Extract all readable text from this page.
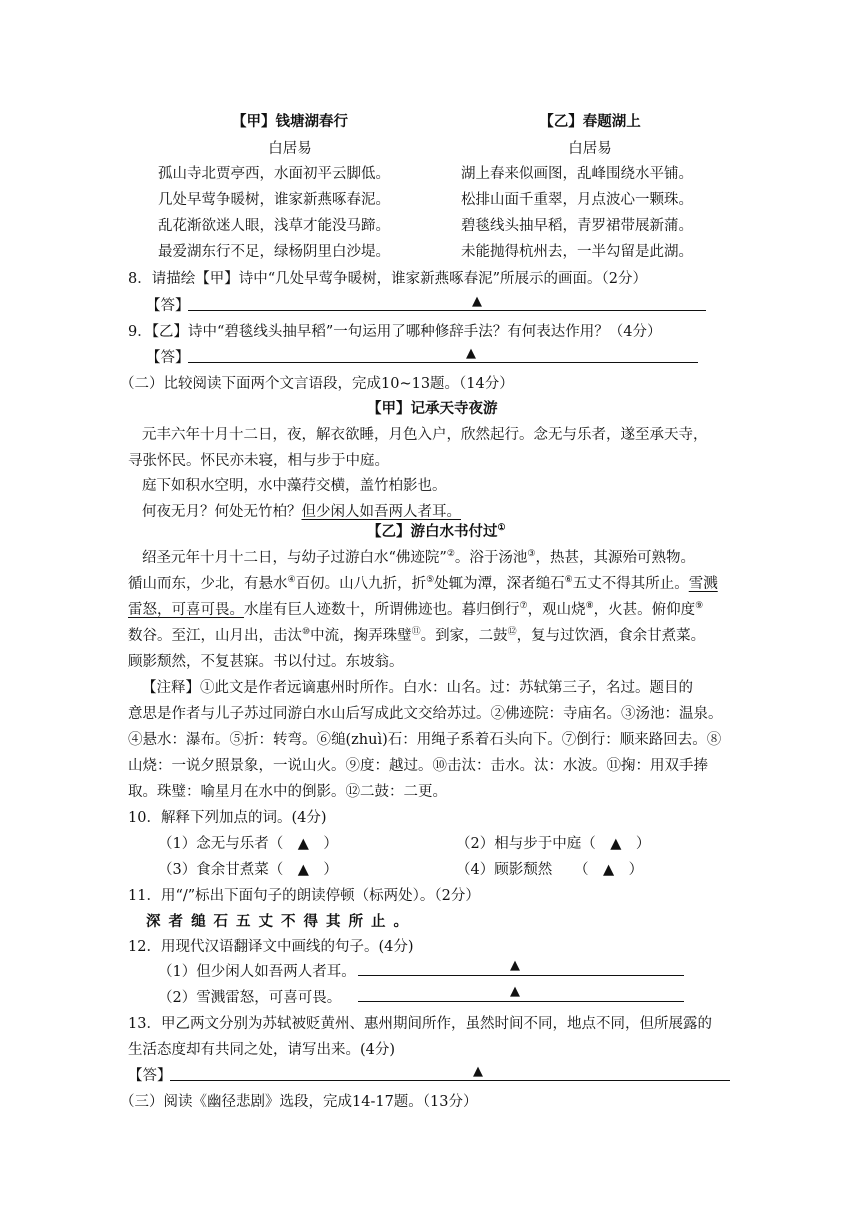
【甲】钱塘湖春行
白居易
孤山寺北贾亭西，水面初平云脚低。
几处早莺争暖树，谁家新燕啄春泥。
乱花渐欲迷人眼，浅草才能没马蹄。
最爱湖东行不足，绿杨阴里白沙堤。
【乙】春题湖上
白居易
湖上春来似画图，乱峰围绕水平铺。
松排山面千重翠，月点波心一颗珠。
碧毯线头抽早稻，青罗裙带展新蒲。
未能抛得杭州去，一半勾留是此湖。
8．请描绘【甲】诗中“几处早莺争暖树，谁家新燕啄春泥”所展示的画面。（2分）
【答】	▲
9．【乙】诗中“碧毯线头抽早稻”一句运用了哪种修辞手法？有何表达作用？（4分）
【答】	▲
（二）比较阅读下面两个文言语段，完成10~13题。（14分）
【甲】记承天寺夜游
元丰六年十月十二日，夜，解衣欲睡，月色入户，欣然起行。念无与乐者，遂至承天寺，
寻张怀民。怀民亦未寝，相与步于中庭。
庭下如积水空明，水中藻荇交横，盖竹柏影也。
何夜无月？何处无竹柏？但少闲人如吾两人者耳。
【乙】游白水书付过①
绍圣元年十月十二日，与幼子过游白水“佛迹院”②。浴于汤池③，热甚，其源殆可熟物。
循山而东，少北，有悬水④百仞。山八九折，折⑤处辄为潭，深者缒石⑥五丈不得其所止。雪溅
雷怒，可喜可畏。水崖有巨人迹数十，所谓佛迹也。暮归倒行⑦，观山烧⑧，火甚。俯仰度⑨
数谷。至江，山月出，击汰⑩中流，掬弄珠璧⑪。到家，二鼓⑫，复与过饮酒，食余甘煮菜。
顾影颓然，不复甚寐。书以付过。东坡翁。
【注释】①此文是作者远谪惠州时所作。白水：山名。过：苏轼第三子，名过。题目的
意思是作者与儿子苏过同游白水山后写成此文交给苏过。②佛迹院：寺庙名。③汤池：温泉。
④悬水：瀑布。⑤折：转弯。⑥缒(zhuì)石：用绳子系着石头向下。⑦倒行：顺来路回去。⑧
山烧：一说夕照景象，一说山火。⑨度：越过。⑩击汰：击水。汰：水波。⑪掬：用双手捧
取。珠璧：喻星月在水中的倒影。⑫二鼓：二更。
10．解释下列加点的词。(4分)
（1）念无与乐者（　▲　）	（2）相与步于中庭（　▲　）
（3）食余甘煮菜（　▲　）	（4）顾影颓然　　（　▲　）
11．用“/”标出下面句子的朗读停顿（标两处）。（2分）
深者缒石五丈不得其所止。
12．用现代汉语翻译文中画线的句子。(4分)
（1）但少闲人如吾两人者耳。	▲
（2）雪溅雷怒，可喜可畏。	▲
13．甲乙两文分别为苏轼被贬黄州、惠州期间所作，虽然时间不同，地点不同，但所展露的
生活态度却有共同之处，请写出来。(4分)
【答】	▲
（三）阅读《幽径悲剧》选段，完成14-17题。（13分）
